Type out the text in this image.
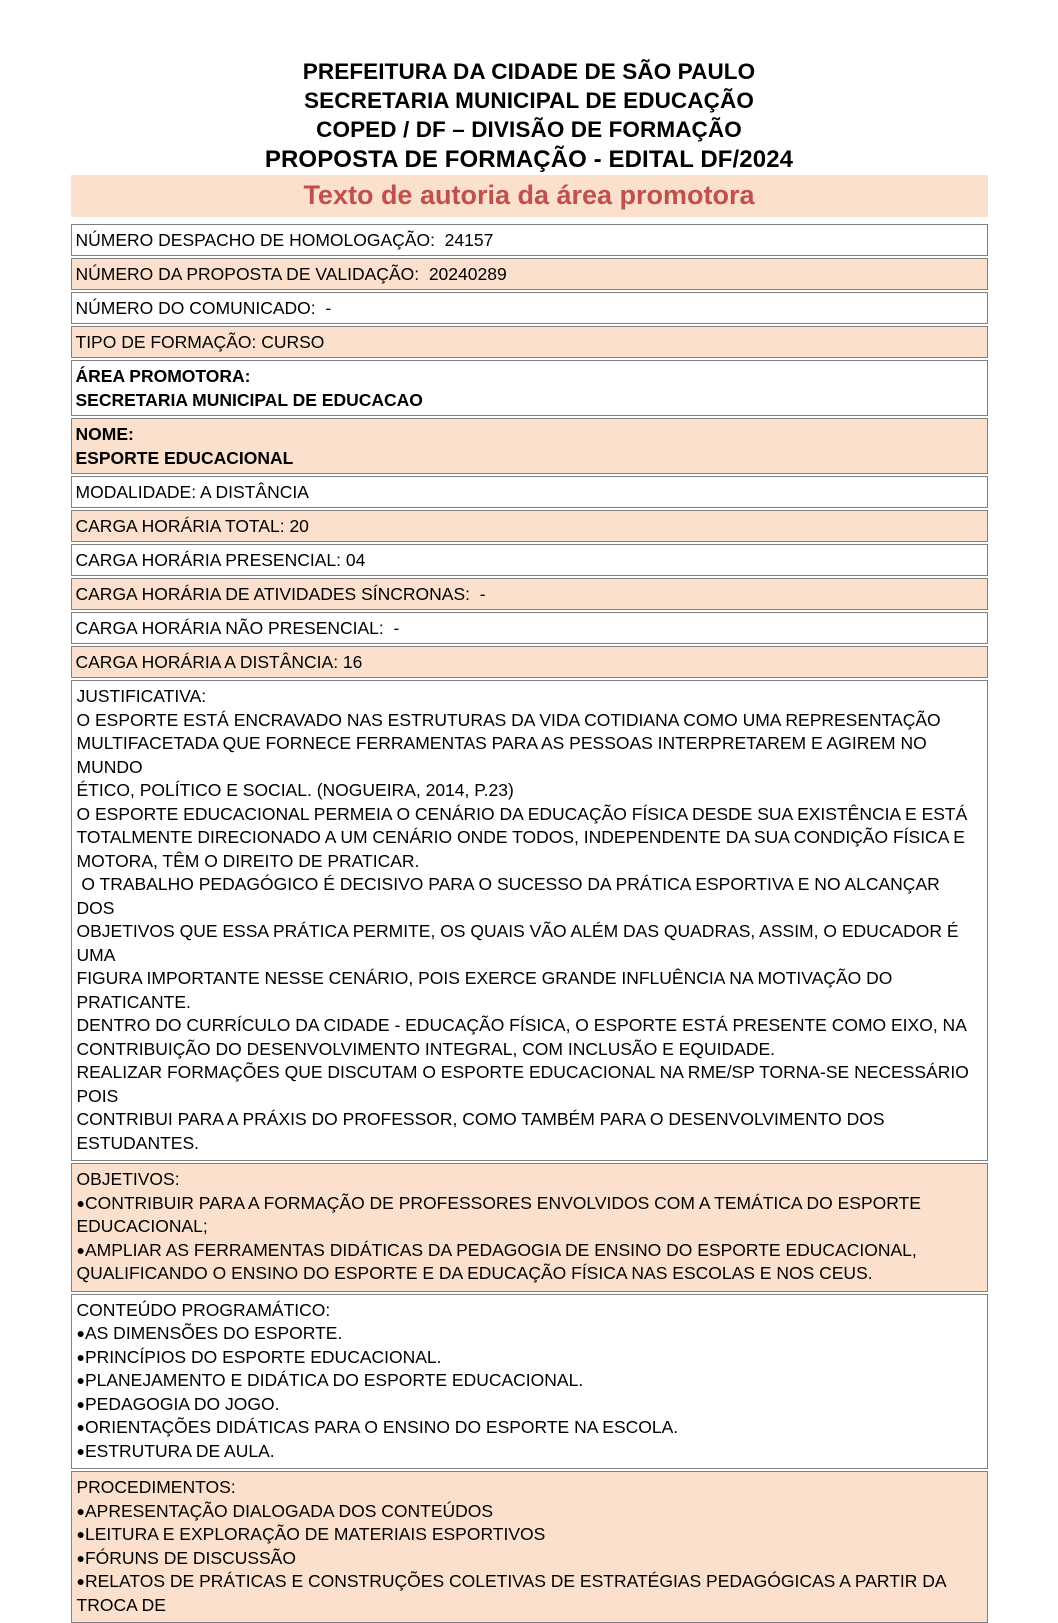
PREFEITURA DA CIDADE DE SÃO PAULO
SECRETARIA MUNICIPAL DE EDUCAÇÃO
COPED / DF – DIVISÃO DE FORMAÇÃO
PROPOSTA DE FORMAÇÃO - EDITAL DF/2024
Texto de autoria da área promotora
NÚMERO DESPACHO DE HOMOLOGAÇÃO:  24157
NÚMERO DA PROPOSTA DE VALIDAÇÃO:  20240289
NÚMERO DO COMUNICADO:  -
TIPO DE FORMAÇÃO: CURSO
ÁREA PROMOTORA:
SECRETARIA MUNICIPAL DE EDUCACAO
NOME:
ESPORTE EDUCACIONAL
MODALIDADE: A DISTÂNCIA
CARGA HORÁRIA TOTAL: 20
CARGA HORÁRIA PRESENCIAL: 04
CARGA HORÁRIA DE ATIVIDADES SÍNCRONAS:  -
CARGA HORÁRIA NÃO PRESENCIAL:  -
CARGA HORÁRIA A DISTÂNCIA: 16
JUSTIFICATIVA:
O ESPORTE ESTÁ ENCRAVADO NAS ESTRUTURAS DA VIDA COTIDIANA COMO UMA REPRESENTAÇÃO
MULTIFACETADA QUE FORNECE FERRAMENTAS PARA AS PESSOAS INTERPRETAREM E AGIREM NO MUNDO
ÉTICO, POLÍTICO E SOCIAL. (NOGUEIRA, 2014, P.23)
O ESPORTE EDUCACIONAL PERMEIA O CENÁRIO DA EDUCAÇÃO FÍSICA DESDE SUA EXISTÊNCIA E ESTÁ
TOTALMENTE DIRECIONADO A UM CENÁRIO ONDE TODOS, INDEPENDENTE DA SUA CONDIÇÃO FÍSICA E
MOTORA, TÊM O DIREITO DE PRATICAR.
O TRABALHO PEDAGÓGICO É DECISIVO PARA O SUCESSO DA PRÁTICA ESPORTIVA E NO ALCANÇAR DOS
OBJETIVOS QUE ESSA PRÁTICA PERMITE, OS QUAIS VÃO ALÉM DAS QUADRAS, ASSIM, O EDUCADOR É UMA
FIGURA IMPORTANTE NESSE CENÁRIO, POIS EXERCE GRANDE INFLUÊNCIA NA MOTIVAÇÃO DO PRATICANTE.
DENTRO DO CURRÍCULO DA CIDADE - EDUCAÇÃO FÍSICA, O ESPORTE ESTÁ PRESENTE COMO EIXO, NA
CONTRIBUIÇÃO DO DESENVOLVIMENTO INTEGRAL, COM INCLUSÃO E EQUIDADE.
REALIZAR FORMAÇÕES QUE DISCUTAM O ESPORTE EDUCACIONAL NA RME/SP TORNA-SE NECESSÁRIO POIS
CONTRIBUI PARA A PRÁXIS DO PROFESSOR, COMO TAMBÉM PARA O DESENVOLVIMENTO DOS ESTUDANTES.
OBJETIVOS:
● CONTRIBUIR PARA A FORMAÇÃO DE PROFESSORES ENVOLVIDOS COM A TEMÁTICA DO ESPORTE
EDUCACIONAL;
● AMPLIAR AS FERRAMENTAS DIDÁTICAS DA PEDAGOGIA DE ENSINO DO ESPORTE EDUCACIONAL,
QUALIFICANDO O ENSINO DO ESPORTE E DA EDUCAÇÃO FÍSICA NAS ESCOLAS E NOS CEUS.
CONTEÚDO PROGRAMÁTICO:
● AS DIMENSÕES DO ESPORTE.
● PRINCÍPIOS DO ESPORTE EDUCACIONAL.
● PLANEJAMENTO E DIDÁTICA DO ESPORTE EDUCACIONAL.
● PEDAGOGIA DO JOGO.
● ORIENTAÇÕES DIDÁTICAS PARA O ENSINO DO ESPORTE NA ESCOLA.
● ESTRUTURA DE AULA.
PROCEDIMENTOS:
● APRESENTAÇÃO DIALOGADA DOS CONTEÚDOS
● LEITURA E EXPLORAÇÃO DE MATERIAIS ESPORTIVOS
● FÓRUNS DE DISCUSSÃO
● RELATOS DE PRÁTICAS E CONSTRUÇÕES COLETIVAS DE ESTRATÉGIAS PEDAGÓGICAS A PARTIR DA TROCA DE
